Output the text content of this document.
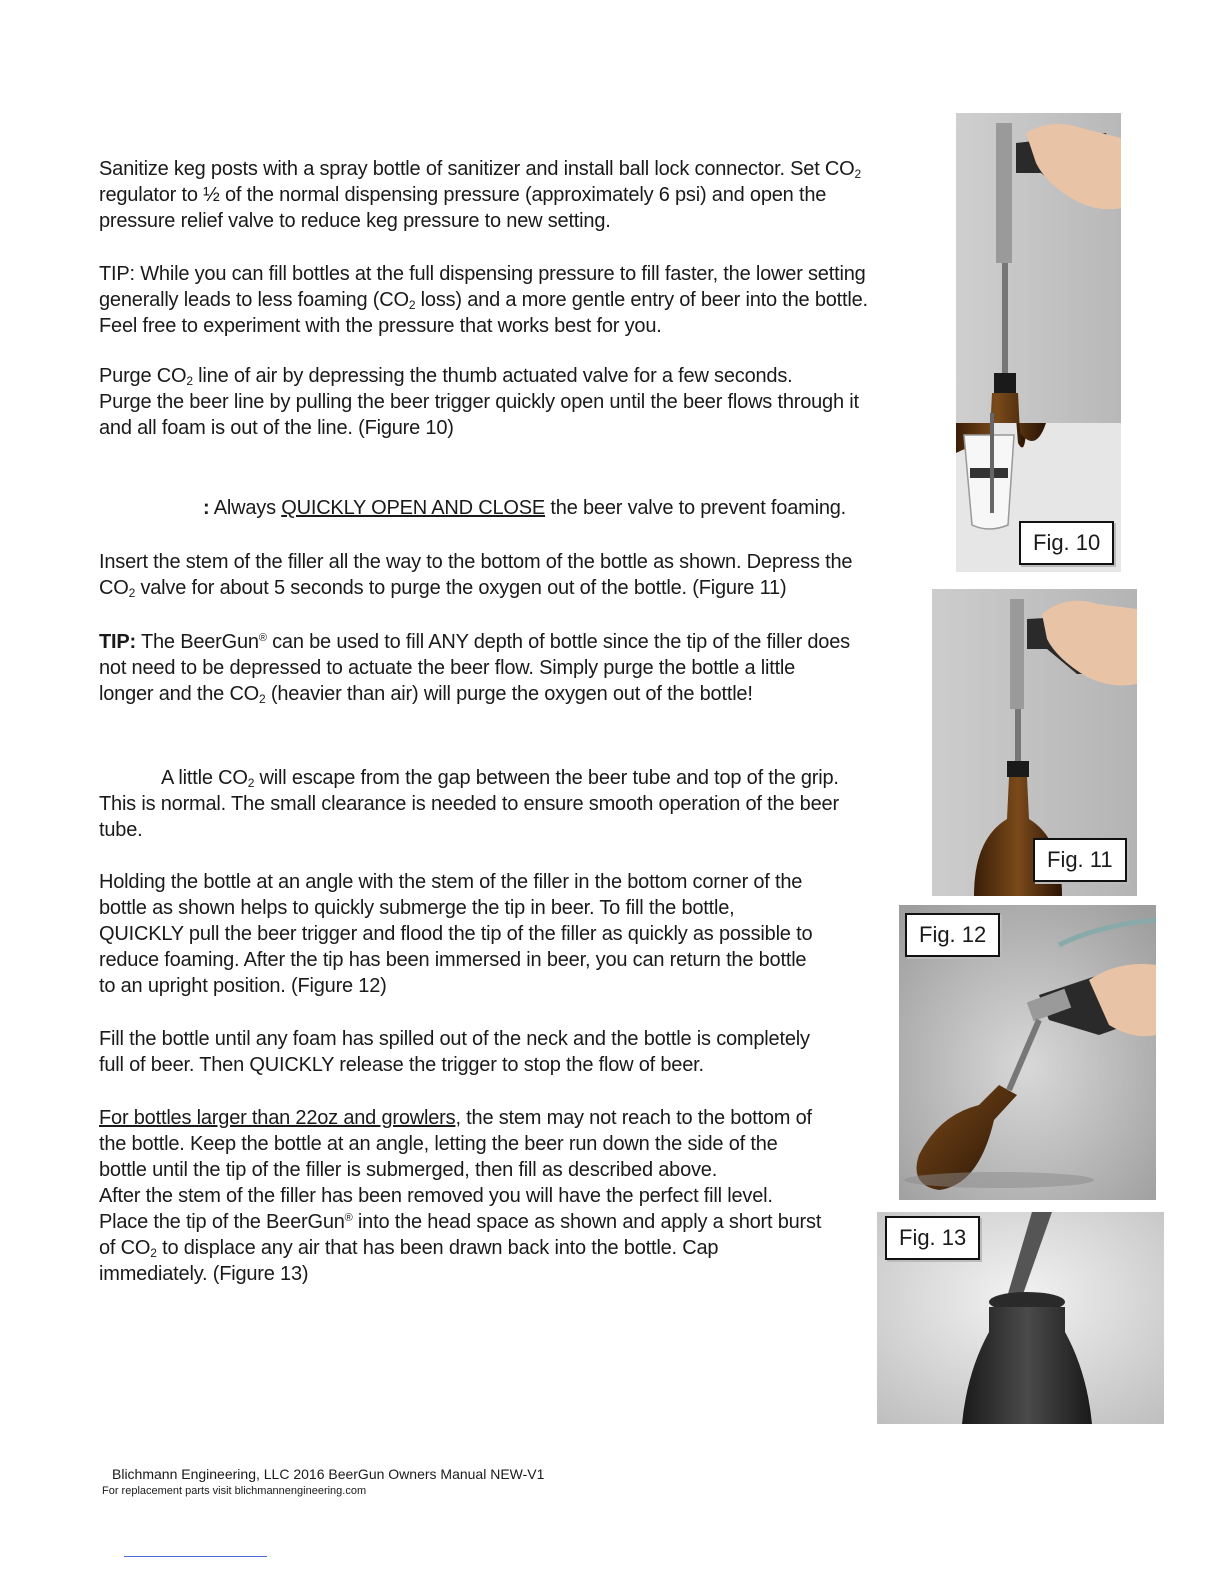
Sanitize keg posts with a spray bottle of sanitizer and install ball lock connector. Set $CO_2$
regulator to ½ of the normal dispensing pressure (approximately 6 psi) and open the
pressure relief valve to reduce keg pressure to new setting.
TIP: While you can fill bottles at the full dispensing pressure to fill faster, the lower setting
generally leads to less foaming ($CO_2$ loss) and a more gentle entry of beer into the bottle.
Feel free to experiment with the pressure that works best for you.
Purge $CO_2$ line of air by depressing the thumb actuated valve for a few seconds.
Purge the beer line by pulling the beer trigger quickly open until the beer flows through it
and all foam is out of the line. (Figure 10)
: Always QUICKLY OPEN AND CLOSE the beer valve to prevent foaming.
Insert the stem of the filler all the way to the bottom of the bottle as shown. Depress the
$CO_2$ valve for about 5 seconds to purge the oxygen out of the bottle. (Figure 11)
TIP: The BeerGun® can be used to fill ANY depth of bottle since the tip of the filler does
not need to be depressed to actuate the beer flow. Simply purge the bottle a little
longer and the $CO_2$ (heavier than air) will purge the oxygen out of the bottle!
A little $CO_2$ will escape from the gap between the beer tube and top of the grip.
This is normal. The small clearance is needed to ensure smooth operation of the beer
tube.
Holding the bottle at an angle with the stem of the filler in the bottom corner of the
bottle as shown helps to quickly submerge the tip in beer. To fill the bottle,
QUICKLY pull the beer trigger and flood the tip of the filler as quickly as possible to
reduce foaming. After the tip has been immersed in beer, you can return the bottle
to an upright position. (Figure 12)
Fill the bottle until any foam has spilled out of the neck and the bottle is completely
full of beer. Then QUICKLY release the trigger to stop the flow of beer.
For bottles larger than 22oz and growlers, the stem may not reach to the bottom of
the bottle. Keep the bottle at an angle, letting the beer run down the side of the
bottle until the tip of the filler is submerged, then fill as described above.
After the stem of the filler has been removed you will have the perfect fill level.
Place the tip of the BeerGun® into the head space as shown and apply a short burst
of $CO_2$ to displace any air that has been drawn back into the bottle. Cap
immediately. (Figure 13)
Fig. 10
Fig. 11
Fig. 12
Fig. 13
Blichmann Engineering, LLC 2016 BeerGun Owners Manual NEW-V1
For replacement parts visit blichmannengineering.com
